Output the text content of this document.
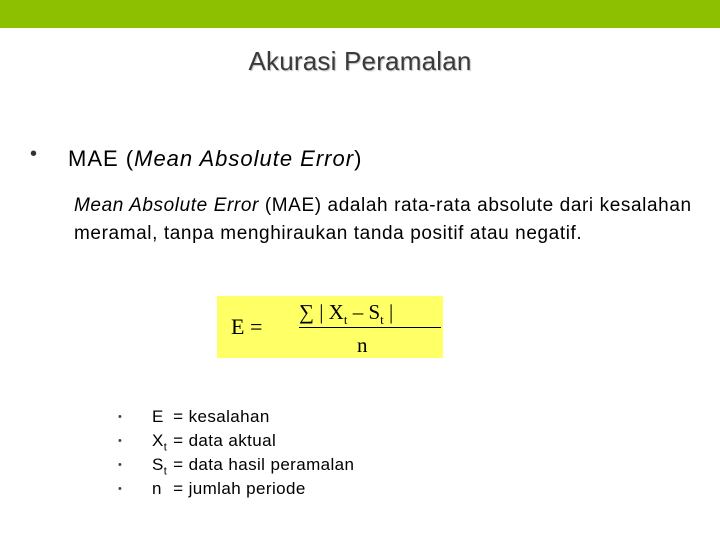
Akurasi Peramalan
• MAE (Mean Absolute Error)
Mean Absolute Error (MAE) adalah rata-rata absolute dari kesalahan meramal, tanpa menghiraukan tanda positif atau negatif.
E =
∑ | $X_t - S_t$ |
n
• E = kesalahan
• $X_t$ = data aktual
• $S_t$ = data hasil peramalan
• n = jumlah periode
